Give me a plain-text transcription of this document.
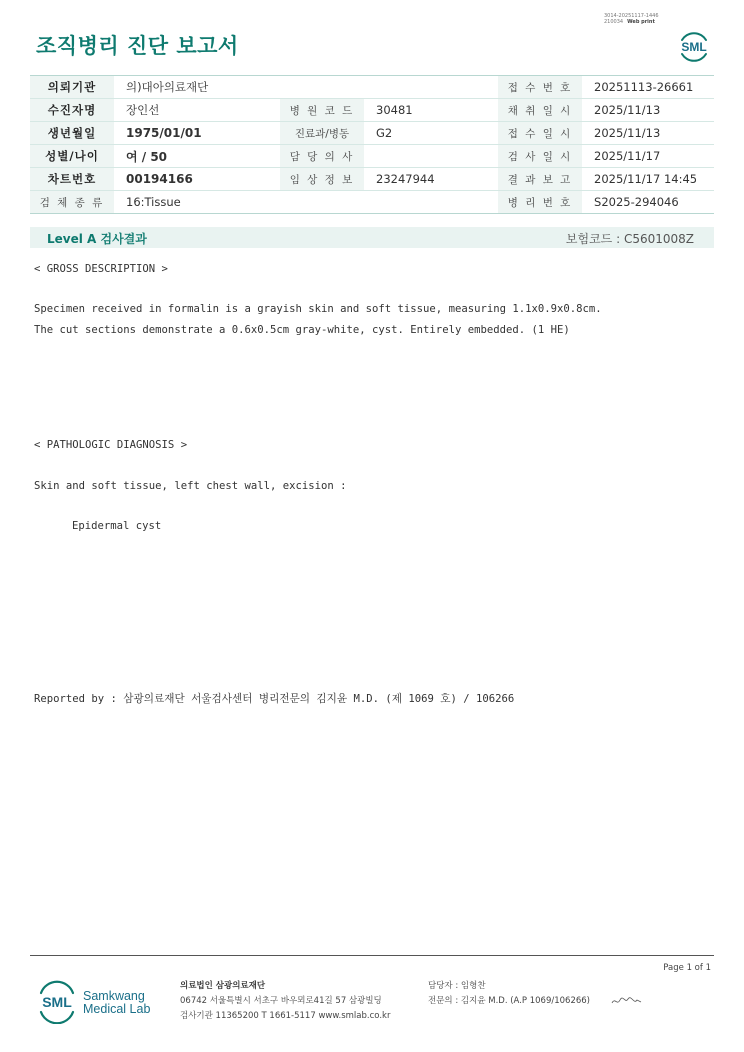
조직병리 진단 보고서
3014-20251117-1446
210034 Web print
SML
의뢰기관	의)대아의료재단			접 수 번 호	20251113-26661
수진자명	장인선	병 원 코 드	30481	채 취 일 시	2025/11/13
생년월일	1975/01/01	진료과/병동	G2	접 수 일 시	2025/11/13
성별/나이	여 / 50	담 당 의 사		검 사 일 시	2025/11/17
차트번호	00194166	임 상 정 보	23247944	결 과 보 고	2025/11/17 14:45
검 체 종 류	16:Tissue			병 리 번 호	S2025-294046
Level A 검사결과	보험코드 : C5601008Z
< GROSS DESCRIPTION >
Specimen received in formalin is a grayish skin and soft tissue, measuring 1.1x0.9x0.8cm.
The cut sections demonstrate a 0.6x0.5cm gray-white, cyst. Entirely embedded. (1 HE)
< PATHOLOGIC DIAGNOSIS >
Skin and soft tissue, left chest wall, excision :
Epidermal cyst
Reported by : 삼광의료재단 서울검사센터 병리전문의 김지윤 M.D. (제 1069 호) / 106266
Page 1 of 1
SML Samkwang
Medical Lab
의료법인 삼광의료재단
06742 서울특별시 서초구 바우뫼로41길 57 삼광빌딩
검사기관 11365200 T 1661-5117 www.smlab.co.kr
담당자 : 임형찬
전문의 : 김지윤 M.D. (A.P 1069/106266)
